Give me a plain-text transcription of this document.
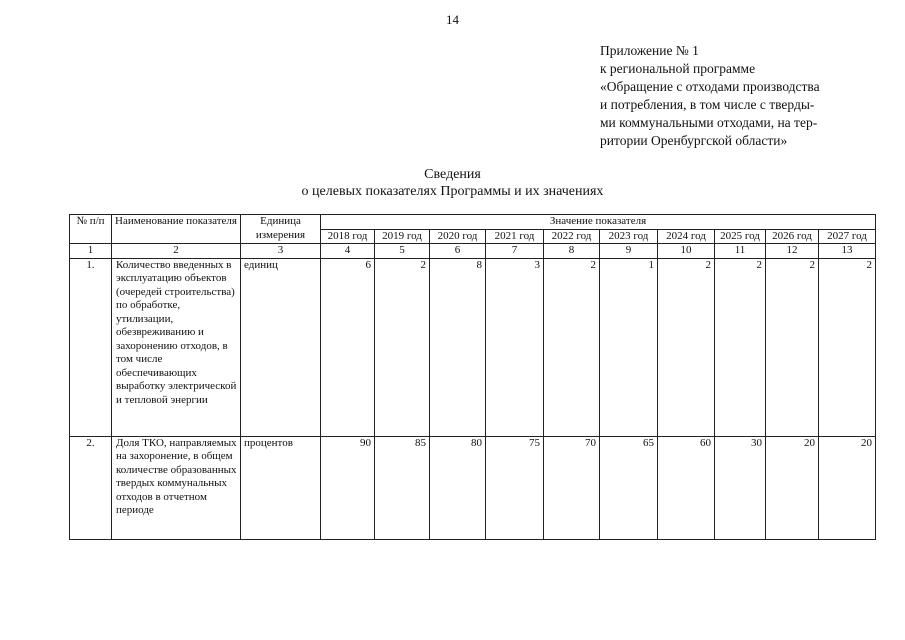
14
Приложение № 1
к региональной программе
«Обращение с отходами производства
и потребления, в том числе с тверды-
ми коммунальными отходами, на тер-
ритории Оренбургской области»
Сведения
о целевых показателях Программы и их значениях
№ п/п	Наименование показателя	Единица измерения	Значение показателя									
			2018 год	2019 год	2020 год	2021 год	2022 год	2023 год	2024 год	2025 год	2026 год	2027 год
1	2	3	4	5	6	7	8	9	10	11	12	13
1.	Количество введенных в эксплуатацию объектов (очередей строительства) по обработке, утилизации, обезвреживанию и захоронению отходов, в том числе обеспечивающих выработку электрической и тепловой энергии	единиц	6	2	8	3	2	1	2	2	2	2
2.	Доля ТКО, направляемых на захоронение, в общем количестве образованных твердых коммунальных отходов в отчетном периоде	процентов	90	85	80	75	70	65	60	30	20	20
